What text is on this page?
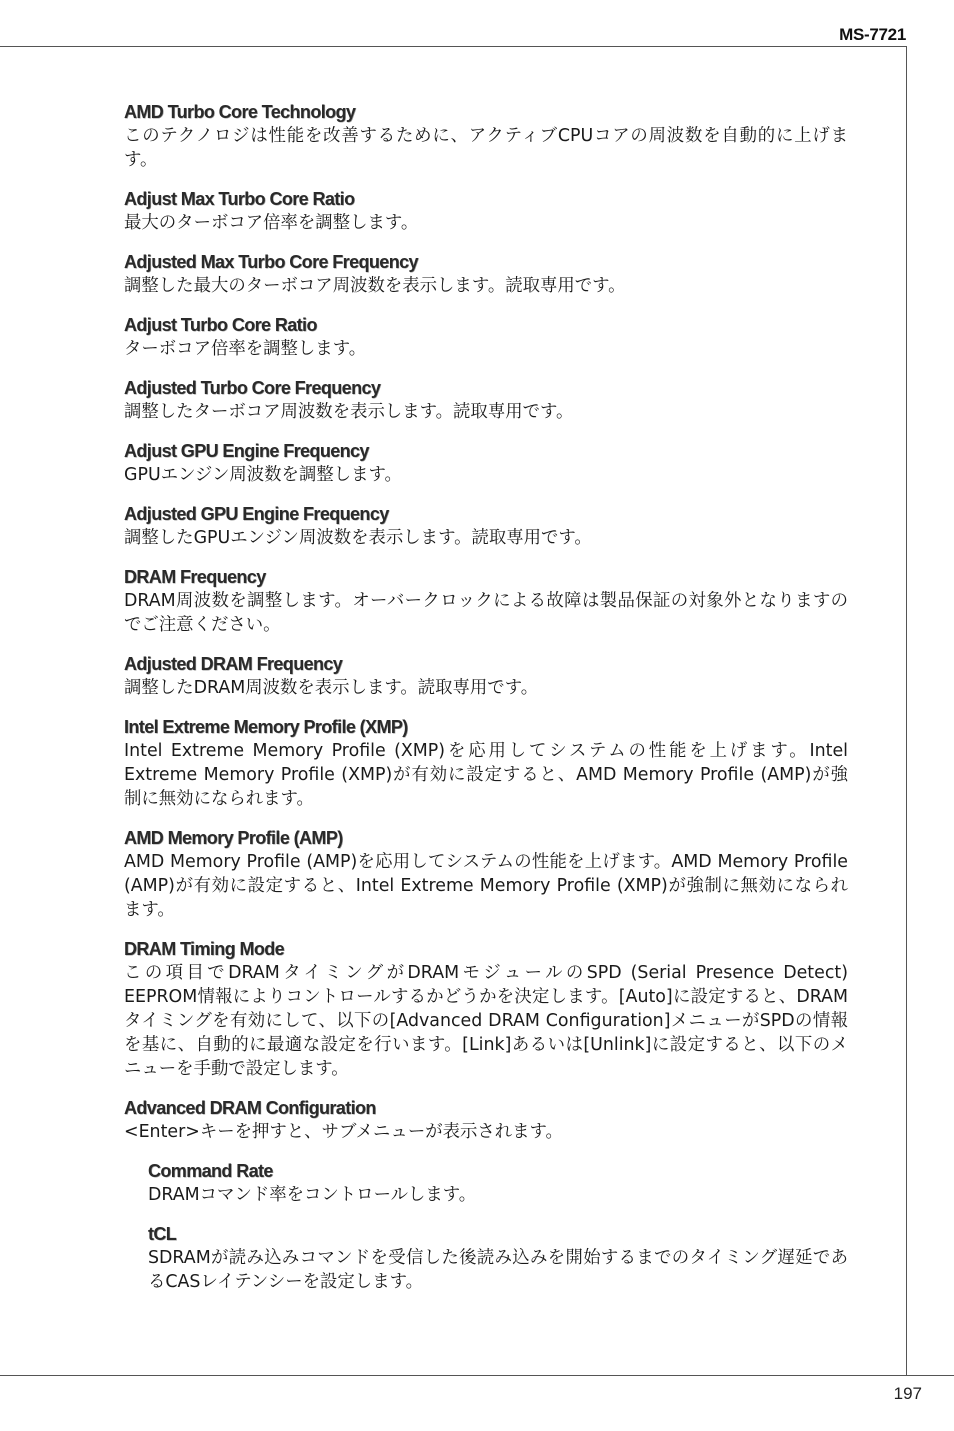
MS-7721
AMD Turbo Core Technology
このテクノロジは性能を改善するために、アクティブCPUコアの周波数を自動的に上げます。
Adjust Max Turbo Core Ratio
最大のターボコア倍率を調整します。
Adjusted Max Turbo Core Frequency
調整した最大のターボコア周波数を表示します。読取専用です。
Adjust Turbo Core Ratio
ターボコア倍率を調整します。
Adjusted Turbo Core Frequency
調整したターボコア周波数を表示します。読取専用です。
Adjust GPU Engine Frequency
GPUエンジン周波数を調整します。
Adjusted GPU Engine Frequency
調整したGPUエンジン周波数を表示します。読取専用です。
DRAM Frequency
DRAM周波数を調整します。オーバークロックによる故障は製品保証の対象外となりますのでご注意ください。
Adjusted DRAM Frequency
調整したDRAM周波数を表示します。読取専用です。
Intel Extreme Memory Profile (XMP)
Intel Extreme Memory Profile (XMP)を応用してシステムの性能を上げます。Intel Extreme Memory Profile (XMP)が有効に設定すると、AMD Memory Profile (AMP)が強制に無効になられます。
AMD Memory Profile (AMP)
AMD Memory Profile (AMP)を応用してシステムの性能を上げます。AMD Memory Profile (AMP)が有効に設定すると、Intel Extreme Memory Profile (XMP)が強制に無効になられます。
DRAM Timing Mode
この項目でDRAMタイミングがDRAMモジュールのSPD (Serial Presence Detect) EEPROM情報によりコントロールするかどうかを決定します。[Auto]に設定すると、DRAMタイミングを有効にして、以下の[Advanced DRAM Configuration]メニューがSPDの情報を基に、自動的に最適な設定を行います。[Link]あるいは[Unlink]に設定すると、以下のメニューを手動で設定します。
Advanced DRAM Configuration
<Enter>キーを押すと、サブメニューが表示されます。
Command Rate
DRAMコマンド率をコントロールします。
tCL
SDRAMが読み込みコマンドを受信した後読み込みを開始するまでのタイミング遅延であるCASレイテンシーを設定します。
197
